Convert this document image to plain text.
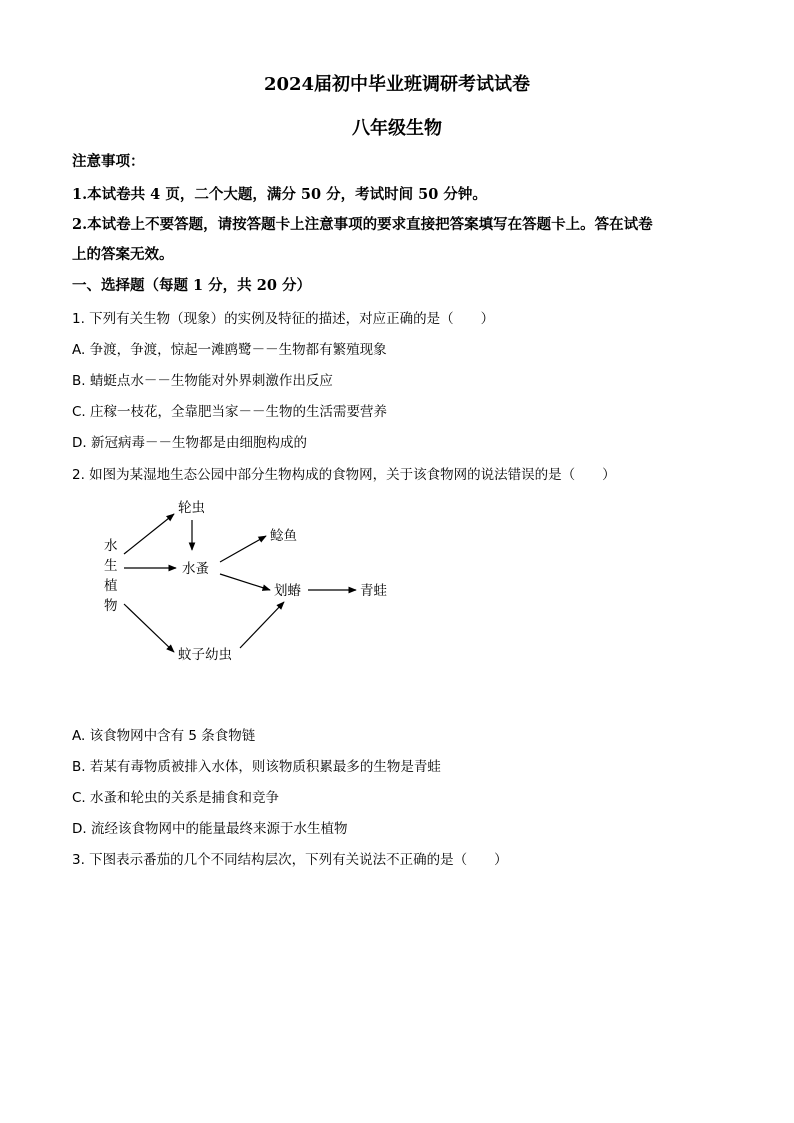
2024届初中毕业班调研考试试卷
八年级生物
注意事项：
1.本试卷共 4 页，二个大题，满分 50 分，考试时间 50 分钟。
2.本试卷上不要答题，请按答题卡上注意事项的要求直接把答案填写在答题卡上。答在试卷
上的答案无效。
一、选择题（每题 1 分，共 20 分）
1. 下列有关生物（现象）的实例及特征的描述，对应正确的是（　　）
A. 争渡，争渡，惊起一滩鸥鹭－－生物都有繁殖现象
B. 蜻蜓点水－－生物能对外界刺激作出反应
C. 庄稼一枝花，全靠肥当家－－生物的生活需要营养
D. 新冠病毒－－生物都是由细胞构成的
2. 如图为某湿地生态公园中部分生物构成的食物网，关于该食物网的说法错误的是（　　）
水
生
植
物
轮虫
水蚤
鲶鱼
划蝽	青蛙
蚊子幼虫
A. 该食物网中含有 5 条食物链
B. 若某有毒物质被排入水体，则该物质积累最多的生物是青蛙
C. 水蚤和轮虫的关系是捕食和竞争
D. 流经该食物网中的能量最终来源于水生植物
3. 下图表示番茄的几个不同结构层次，下列有关说法不正确的是（　　）
